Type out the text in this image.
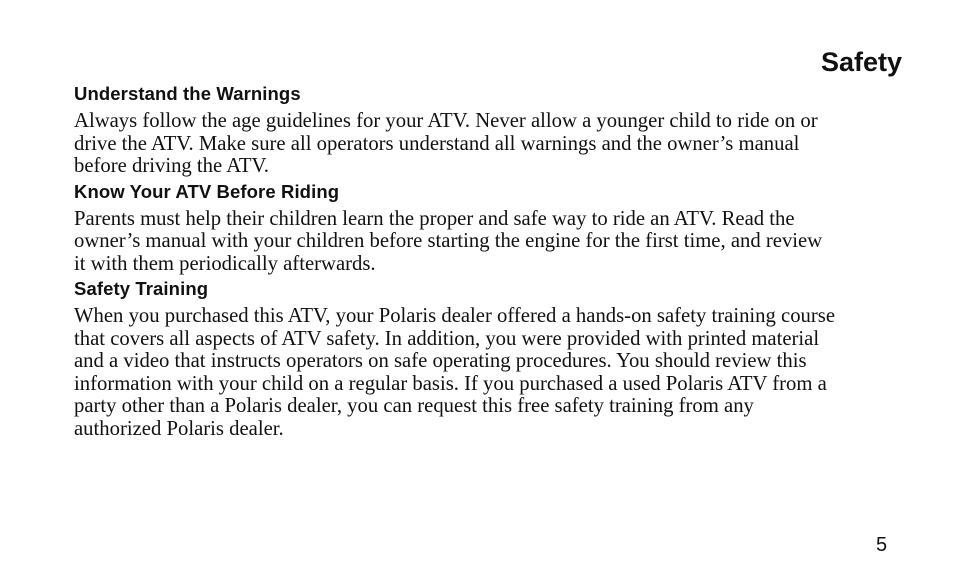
Safety
Understand the Warnings

Always follow the age guidelines for your ATV. Never allow a younger child to ride on or
drive the ATV. Make sure all operators understand all warnings and the owner’s manual
before driving the ATV.

Know Your ATV Before Riding

Parents must help their children learn the proper and safe way to ride an ATV. Read the
owner’s manual with your children before starting the engine for the first time, and review
it with them periodically afterwards.

Safety Training

When you purchased this ATV, your Polaris dealer offered a hands-on safety training course
that covers all aspects of ATV safety. In addition, you were provided with printed material
and a video that instructs operators on safe operating procedures. You should review this
information with your child on a regular basis. If you purchased a used Polaris ATV from a
party other than a Polaris dealer, you can request this free safety training from any
authorized Polaris dealer.

5
